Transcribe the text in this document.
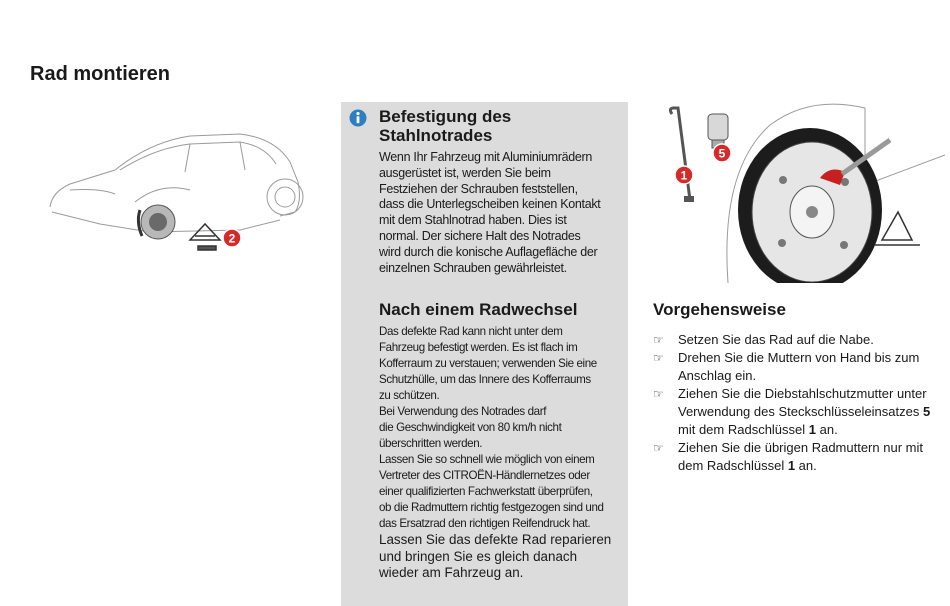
Rad montieren
2
Befestigung des
Stahlnotrades

Wenn Ihr Fahrzeug mit Aluminiumrädern
ausgerüstet ist, werden Sie beim
Festziehen der Schrauben feststellen,
dass die Unterlegscheiben keinen Kontakt
mit dem Stahlnotrad haben. Dies ist
normal. Der sichere Halt des Notrades
wird durch die konische Auflagefläche der
einzelnen Schrauben gewährleistet.

Nach einem Radwechsel

Das defekte Rad kann nicht unter dem
Fahrzeug befestigt werden. Es ist flach im
Kofferraum zu verstauen; verwenden Sie eine
Schutzhülle, um das Innere des Kofferraums
zu schützen.
Bei Verwendung des Notrades darf
die Geschwindigkeit von 80 km/h nicht
überschritten werden.
Lassen Sie so schnell wie möglich von einem
Vertreter des CITROËN-Händlernetzes oder
einer qualifizierten Fachwerkstatt überprüfen,
ob die Radmuttern richtig festgezogen sind und
das Ersatzrad den richtigen Reifendruck hat.

Lassen Sie das defekte Rad reparieren
und bringen Sie es gleich danach
wieder am Fahrzeug an.

1
5
Vorgehensweise
☞ Setzen Sie das Rad auf die Nabe.
☞ Drehen Sie die Muttern von Hand bis zum Anschlag ein.
☞ Ziehen Sie die Diebstahlschutzmutter unter Verwendung des Steckschlüsseleinsatzes 5 mit dem Radschlüssel 1 an.
☞ Ziehen Sie die übrigen Radmuttern nur mit dem Radschlüssel 1 an.
